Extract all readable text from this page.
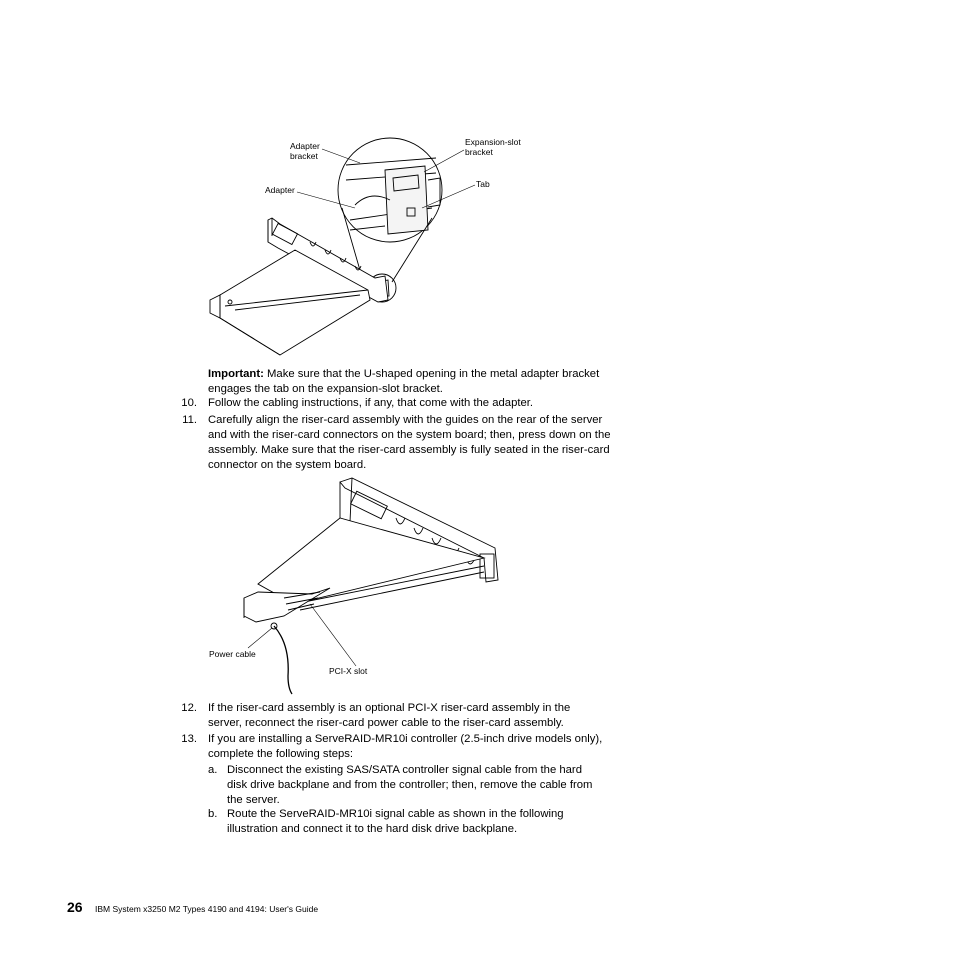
Adapter
bracket
Adapter
Expansion-slot
bracket
Tab
Important: Make sure that the U-shaped opening in the metal adapter bracket engages the tab on the expansion-slot bracket.
10. Follow the cabling instructions, if any, that come with the adapter.
11. Carefully align the riser-card assembly with the guides on the rear of the server and with the riser-card connectors on the system board; then, press down on the assembly. Make sure that the riser-card assembly is fully seated in the riser-card connector on the system board.
Power cable
PCI-X slot
12. If the riser-card assembly is an optional PCI-X riser-card assembly in the server, reconnect the riser-card power cable to the riser-card assembly.
13. If you are installing a ServeRAID-MR10i controller (2.5-inch drive models only), complete the following steps:
a. Disconnect the existing SAS/SATA controller signal cable from the hard disk drive backplane and from the controller; then, remove the cable from the server.
b. Route the ServeRAID-MR10i signal cable as shown in the following illustration and connect it to the hard disk drive backplane.
26 IBM System x3250 M2 Types 4190 and 4194: User's Guide
